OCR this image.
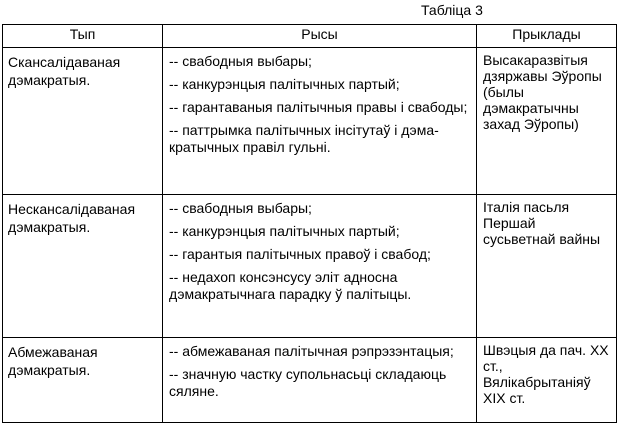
Табліца 3
Тып	Рысы	Прыклады

Скансалідаваная дэмакратыя.	-- свабодныя выбары;
-- канкурэнцыя палітычных партый;
-- гарантаваныя палітычныя правы і свабоды;
-- паттрымка палітычных інсітутаў і дэма-кратычных правіл гульні.	Высакаразвітыя дзяржавы Эўропы (былы дэмакратычны захад Эўропы)

Нескансалідаваная дэмакратыя.	-- свабодныя выбары;
-- канкурэнцыя палітычных партый;
-- гарантыя палітычных правоў і свабод;
-- недахоп консэнсусу эліт адносна дэмакратычнага парадку ў палітыцы.	Італія пасьля Першай сусьветнай вайны

Абмежаваная дэмакратыя.	-- абмежаваная палітычная рэпрэзэнтацыя;
-- значную частку супольнасьці складаюць сяляне.	Швэцыя да пач. XX ст., Вялікабрытаніяў XIX ст.
